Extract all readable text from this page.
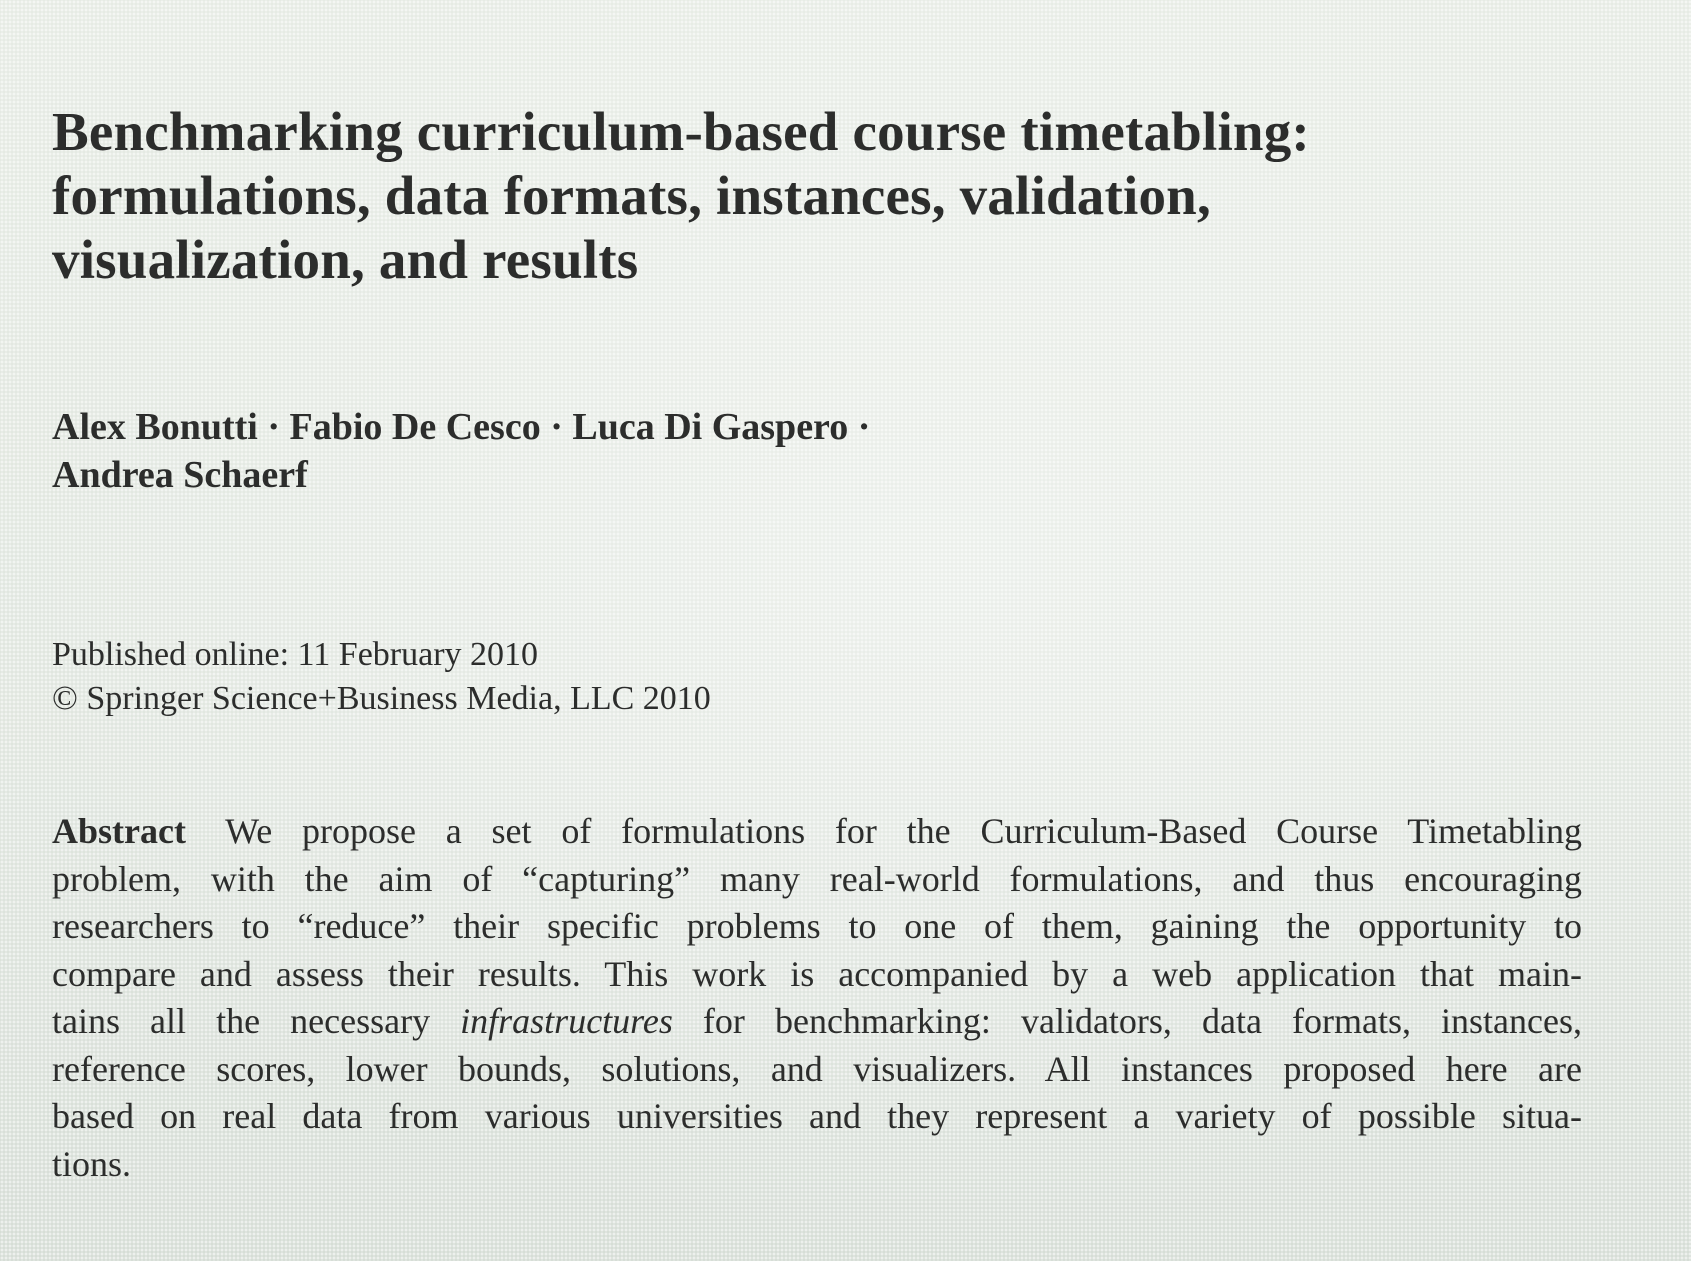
Benchmarking curriculum-based course timetabling:
formulations, data formats, instances, validation,
visualization, and results
Alex Bonutti · Fabio De Cesco · Luca Di Gaspero ·
Andrea Schaerf
Published online: 11 February 2010
© Springer Science+Business Media, LLC 2010
Abstract We propose a set of formulations for the Curriculum-Based Course Timetabling
problem, with the aim of “capturing” many real-world formulations, and thus encouraging
researchers to “reduce” their specific problems to one of them, gaining the opportunity to
compare and assess their results. This work is accompanied by a web application that main-
tains all the necessary infrastructures for benchmarking: validators, data formats, instances,
reference scores, lower bounds, solutions, and visualizers. All instances proposed here are
based on real data from various universities and they represent a variety of possible situa-
tions.
